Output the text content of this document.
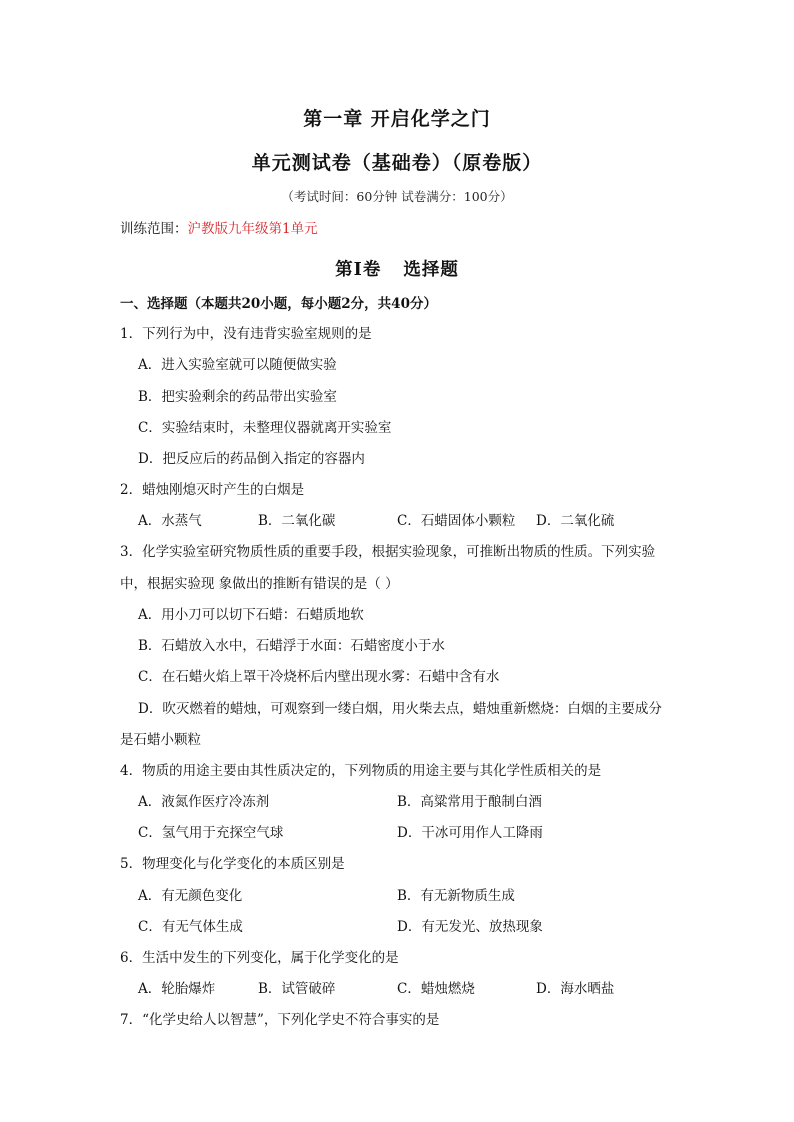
第一章 开启化学之门
单元测试卷（基础卷）（原卷版）
（考试时间：60分钟 试卷满分：100分）
训练范围：沪教版九年级第1单元
第Ⅰ卷 选择题
一、选择题（本题共20小题，每小题2分，共40分）
1．下列行为中，没有违背实验室规则的是
A．进入实验室就可以随便做实验
B．把实验剩余的药品带出实验室
C．实验结束时，未整理仪器就离开实验室
D．把反应后的药品倒入指定的容器内
2．蜡烛刚熄灭时产生的白烟是
A．水蒸气	B．二氧化碳	C．石蜡固体小颗粒 D．二氧化硫
3．化学实验室研究物质性质的重要手段，根据实验现象，可推断出物质的性质。下列实验
中，根据实验现 象做出的推断有错误的是（ ）
A．用小刀可以切下石蜡：石蜡质地软
B．石蜡放入水中，石蜡浮于水面：石蜡密度小于水
C．在石蜡火焰上罩干冷烧杯后内壁出现水雾：石蜡中含有水
D．吹灭燃着的蜡烛，可观察到一缕白烟，用火柴去点，蜡烛重新燃烧：白烟的主要成分
是石蜡小颗粒
4．物质的用途主要由其性质决定的，下列物质的用途主要与其化学性质相关的是
A．液氮作医疗冷冻剂	B．高粱常用于酿制白酒
C．氢气用于充探空气球	D．干冰可用作人工降雨
5．物理变化与化学变化的本质区别是
A．有无颜色变化	B．有无新物质生成
C．有无气体生成	D．有无发光、放热现象
6．生活中发生的下列变化，属于化学变化的是
A．轮胎爆炸	B．试管破碎	C．蜡烛燃烧	D．海水晒盐
7．“化学史给人以智慧”，下列化学史不符合事实的是
